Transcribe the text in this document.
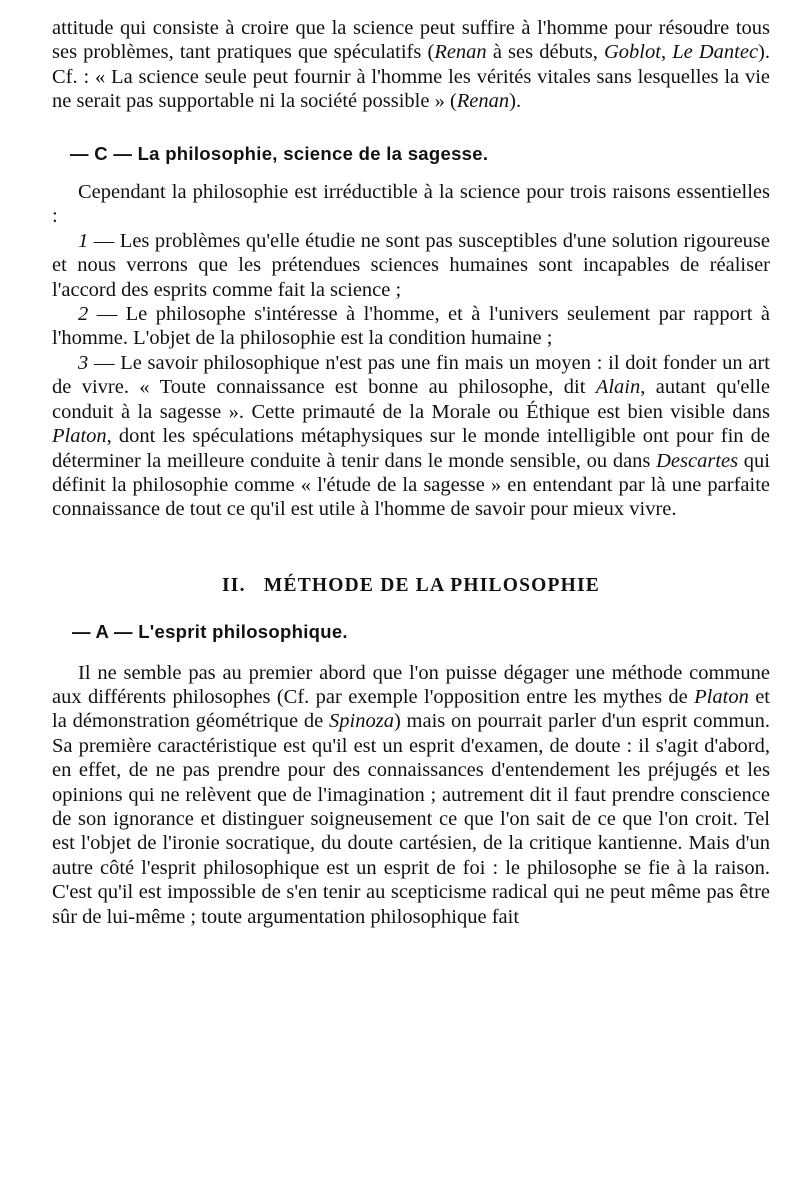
attitude qui consiste à croire que la science peut suffire à l'homme pour résoudre tous ses problèmes, tant pratiques que spéculatifs (Renan à ses débuts, Goblot, Le Dantec). Cf. : « La science seule peut fournir à l'homme les vérités vitales sans lesquelles la vie ne serait pas supportable ni la société possible » (Renan).

— C — La philosophie, science de la sagesse.

Cependant la philosophie est irréductible à la science pour trois raisons essentielles :

1 — Les problèmes qu'elle étudie ne sont pas susceptibles d'une solution rigoureuse et nous verrons que les prétendues sciences humaines sont incapables de réaliser l'accord des esprits comme fait la science ;

2 — Le philosophe s'intéresse à l'homme, et à l'univers seulement par rapport à l'homme. L'objet de la philosophie est la condition humaine ;

3 — Le savoir philosophique n'est pas une fin mais un moyen : il doit fonder un art de vivre. « Toute connaissance est bonne au philosophe, dit Alain, autant qu'elle conduit à la sagesse ». Cette primauté de la Morale ou Éthique est bien visible dans Platon, dont les spéculations métaphysiques sur le monde intelligible ont pour fin de déterminer la meilleure conduite à tenir dans le monde sensible, ou dans Descartes qui définit la philosophie comme « l'étude de la sagesse » en entendant par là une parfaite connaissance de tout ce qu'il est utile à l'homme de savoir pour mieux vivre.

II.   MÉTHODE DE LA PHILOSOPHIE
— A — L'esprit philosophique.

Il ne semble pas au premier abord que l'on puisse dégager une méthode commune aux différents philosophes (Cf. par exemple l'opposition entre les mythes de Platon et la démonstration géométrique de Spinoza) mais on pourrait parler d'un esprit commun. Sa première caractéristique est qu'il est un esprit d'examen, de doute : il s'agit d'abord, en effet, de ne pas prendre pour des connaissances d'entendement les préjugés et les opinions qui ne relèvent que de l'imagination ; autrement dit il faut prendre conscience de son ignorance et distinguer soigneusement ce que l'on sait de ce que l'on croit. Tel est l'objet de l'ironie socratique, du doute cartésien, de la critique kantienne. Mais d'un autre côté l'esprit philosophique est un esprit de foi : le philosophe se fie à la raison. C'est qu'il est impossible de s'en tenir au scepticisme radical qui ne peut même pas être sûr de lui-même ; toute argumentation philosophique fait
